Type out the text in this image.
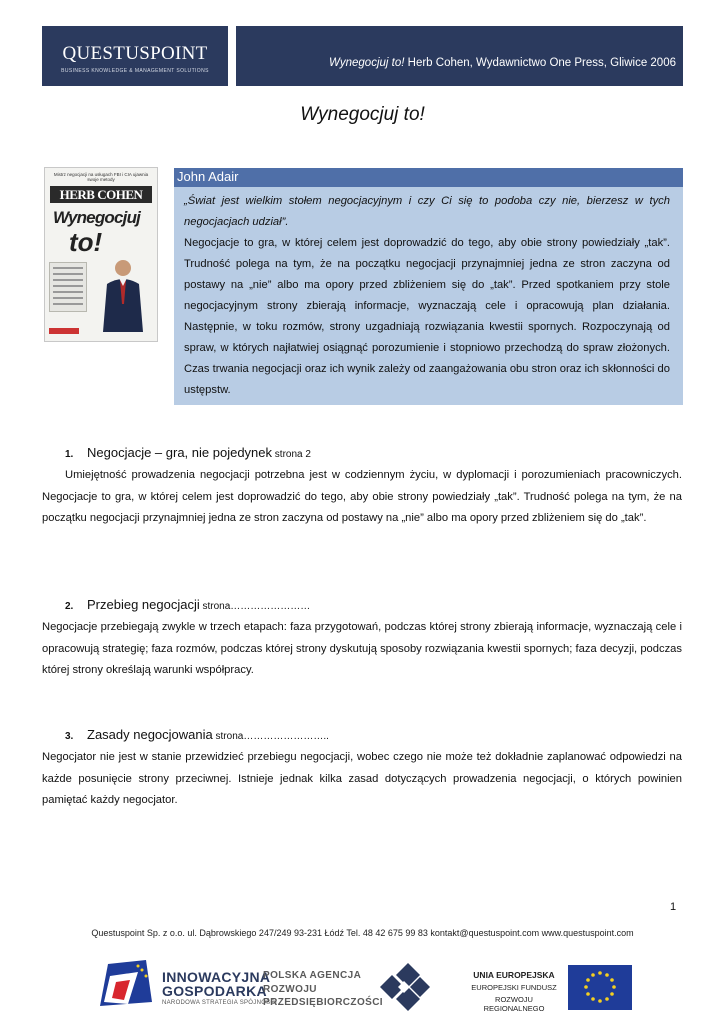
QUESTUSPOINT
BUSINESS KNOWLEDGE & MANAGEMENT SOLUTIONS
Wynegocjuj to! Herb Cohen, Wydawnictwo One Press, Gliwice 2006
Wynegocjuj to!
Mistrz negocjacji na usługach FBI i CIA ujawnia swoje metody
HERB COHEN
Wynegocjuj
to!
John Adair

„Świat jest wielkim stołem negocjacyjnym i czy Ci się to podoba czy nie, bierzesz w tych negocjacjach udział”.

Negocjacje to gra, w której celem jest doprowadzić do tego, aby obie strony powiedziały „tak”. Trudność polega na tym, że na początku negocjacji przynajmniej jedna ze stron zaczyna od postawy na „nie” albo ma opory przed zbliżeniem się do „tak”. Przed spotkaniem przy stole negocjacyjnym strony zbierają informacje, wyznaczają cele i opracowują plan działania. Następnie, w toku rozmów, strony uzgadniają rozwiązania kwestii spornych. Rozpoczynają od spraw, w których najłatwiej osiągnąć porozumienie i stopniowo przechodzą do spraw złożonych. Czas trwania negocjacji oraz ich wynik zależy od zaangażowania obu stron oraz ich skłonności do ustępstw.

1. Negocjacje – gra, nie pojedynek strona 2

Umiejętność prowadzenia negocjacji potrzebna jest w codziennym życiu, w dyplomacji i porozumieniach pracowniczych. Negocjacje to gra, w której celem jest doprowadzić do tego, aby obie strony powiedziały „tak”. Trudność polega na tym, że na początku negocjacji przynajmniej jedna ze stron zaczyna od postawy na „nie” albo ma opory przed zbliżeniem się do „tak”.

2. Przebieg negocjacji strona……………………

Negocjacje przebiegają zwykle w trzech etapach: faza przygotowań, podczas której strony zbierają informacje, wyznaczają cele i opracowują strategię; faza rozmów, podczas której strony dyskutują sposoby rozwiązania kwestii spornych; faza decyzji, podczas której strony określają warunki współpracy.

3. Zasady negocjowania strona……………………..

Negocjator nie jest w stanie przewidzieć przebiegu negocjacji, wobec czego nie może też dokładnie zaplanować odpowiedzi na każde posunięcie strony przeciwnej. Istnieje jednak kilka zasad dotyczących prowadzenia negocjacji, o których powinien pamiętać każdy negocjator.

1
Questuspoint Sp. z o.o. ul. Dąbrowskiego 247/249 93-231 Łódź Tel. 48 42 675 99 83 kontakt@questuspoint.com www.questuspoint.com
INNOWACYJNA
GOSPODARKA
NARODOWA STRATEGIA SPÓJNOŚCI
POLSKA AGENCJA
ROZWOJU
PRZEDSIĘBIORCZOŚCI
UNIA EUROPEJSKA
EUROPEJSKI FUNDUSZ
ROZWOJU REGIONALNEGO
